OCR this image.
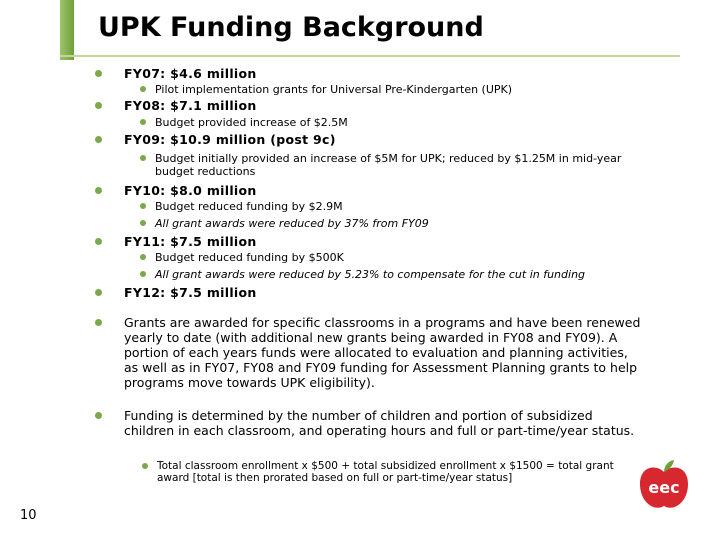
UPK Funding Background
FY07: $4.6 million
Pilot implementation grants for Universal Pre-Kindergarten (UPK)
FY08: $7.1 million
Budget provided increase of $2.5M
FY09: $10.9 million (post 9c)
Budget initially provided an increase of $5M for UPK; reduced by $1.25M in mid-year budget reductions
FY10: $8.0 million
Budget reduced funding by $2.9M
All grant awards were reduced by 37% from FY09
FY11: $7.5 million
Budget reduced funding by $500K
All grant awards were reduced by 5.23% to compensate for the cut in funding
FY12: $7.5 million
Grants are awarded for specific classrooms in a programs and have been renewed yearly to date (with additional new grants being awarded in FY08 and FY09). A portion of each years funds were allocated to evaluation and planning activities, as well as in FY07, FY08 and FY09 funding for Assessment Planning grants to help programs move towards UPK eligibility).
Funding is determined by the number of children and portion of subsidized children in each classroom, and operating hours and full or part-time/year status.
Total classroom enrollment x $500 + total subsidized enrollment x $1500 = total grant award [total is then prorated based on full or part-time/year status]
10
eec
